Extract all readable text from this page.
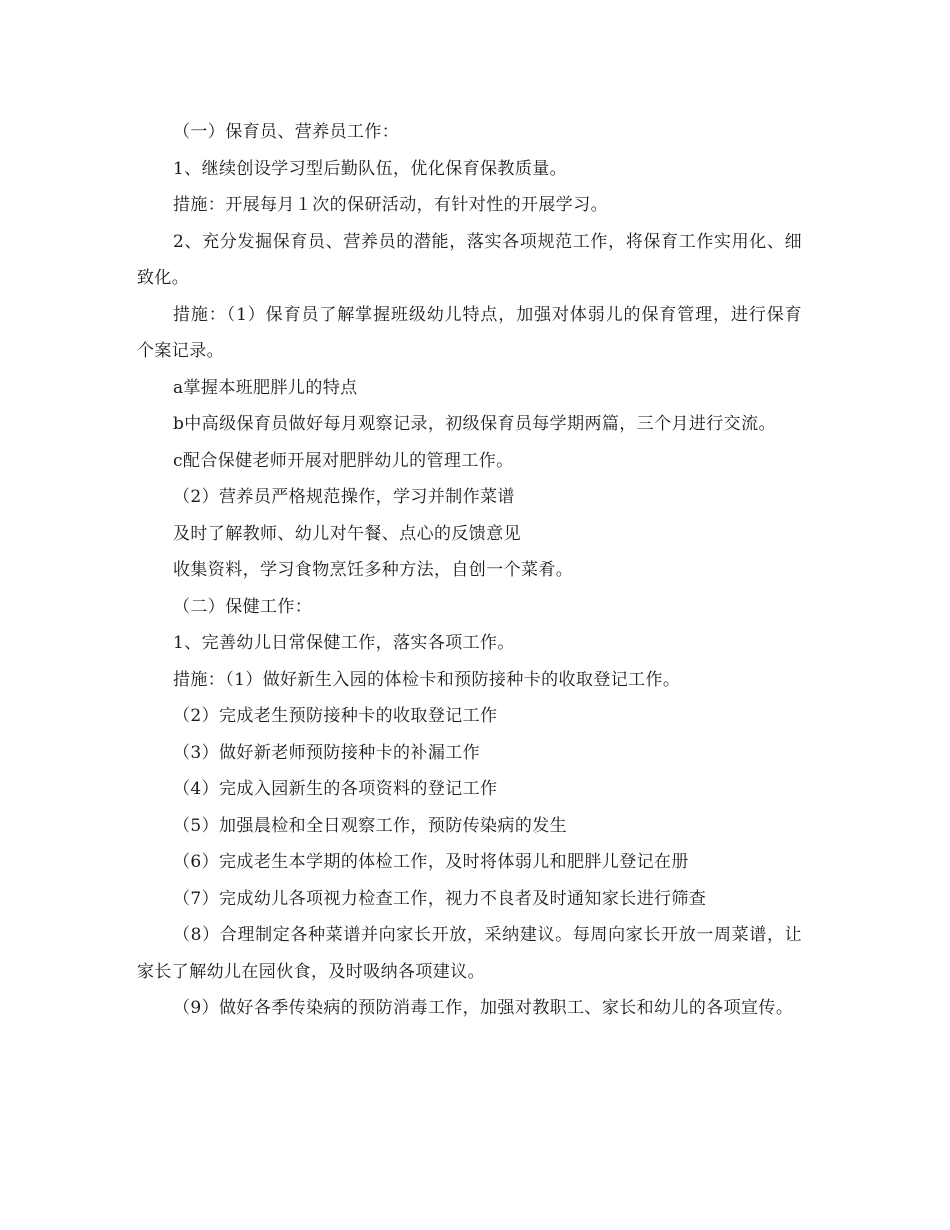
（一）保育员、营养员工作：

1、继续创设学习型后勤队伍，优化保育保教质量。

措施：开展每月１次的保研活动，有针对性的开展学习。

2、充分发掘保育员、营养员的潜能，落实各项规范工作，将保育工作实用化、细致化。

措施：（1）保育员了解掌握班级幼儿特点，加强对体弱儿的保育管理，进行保育个案记录。

a掌握本班肥胖儿的特点

b中高级保育员做好每月观察记录，初级保育员每学期两篇，三个月进行交流。

c配合保健老师开展对肥胖幼儿的管理工作。

（2）营养员严格规范操作，学习并制作菜谱

及时了解教师、幼儿对午餐、点心的反馈意见

收集资料，学习食物烹饪多种方法，自创一个菜肴。

（二）保健工作：

1、完善幼儿日常保健工作，落实各项工作。

措施：（1）做好新生入园的体检卡和预防接种卡的收取登记工作。

（2）完成老生预防接种卡的收取登记工作

（3）做好新老师预防接种卡的补漏工作

（4）完成入园新生的各项资料的登记工作

（5）加强晨检和全日观察工作，预防传染病的发生

（6）完成老生本学期的体检工作，及时将体弱儿和肥胖儿登记在册

（7）完成幼儿各项视力检查工作，视力不良者及时通知家长进行筛查

（8）合理制定各种菜谱并向家长开放，采纳建议。每周向家长开放一周菜谱，让家长了解幼儿在园伙食，及时吸纳各项建议。

（9）做好各季传染病的预防消毒工作，加强对教职工、家长和幼儿的各项宣传。
